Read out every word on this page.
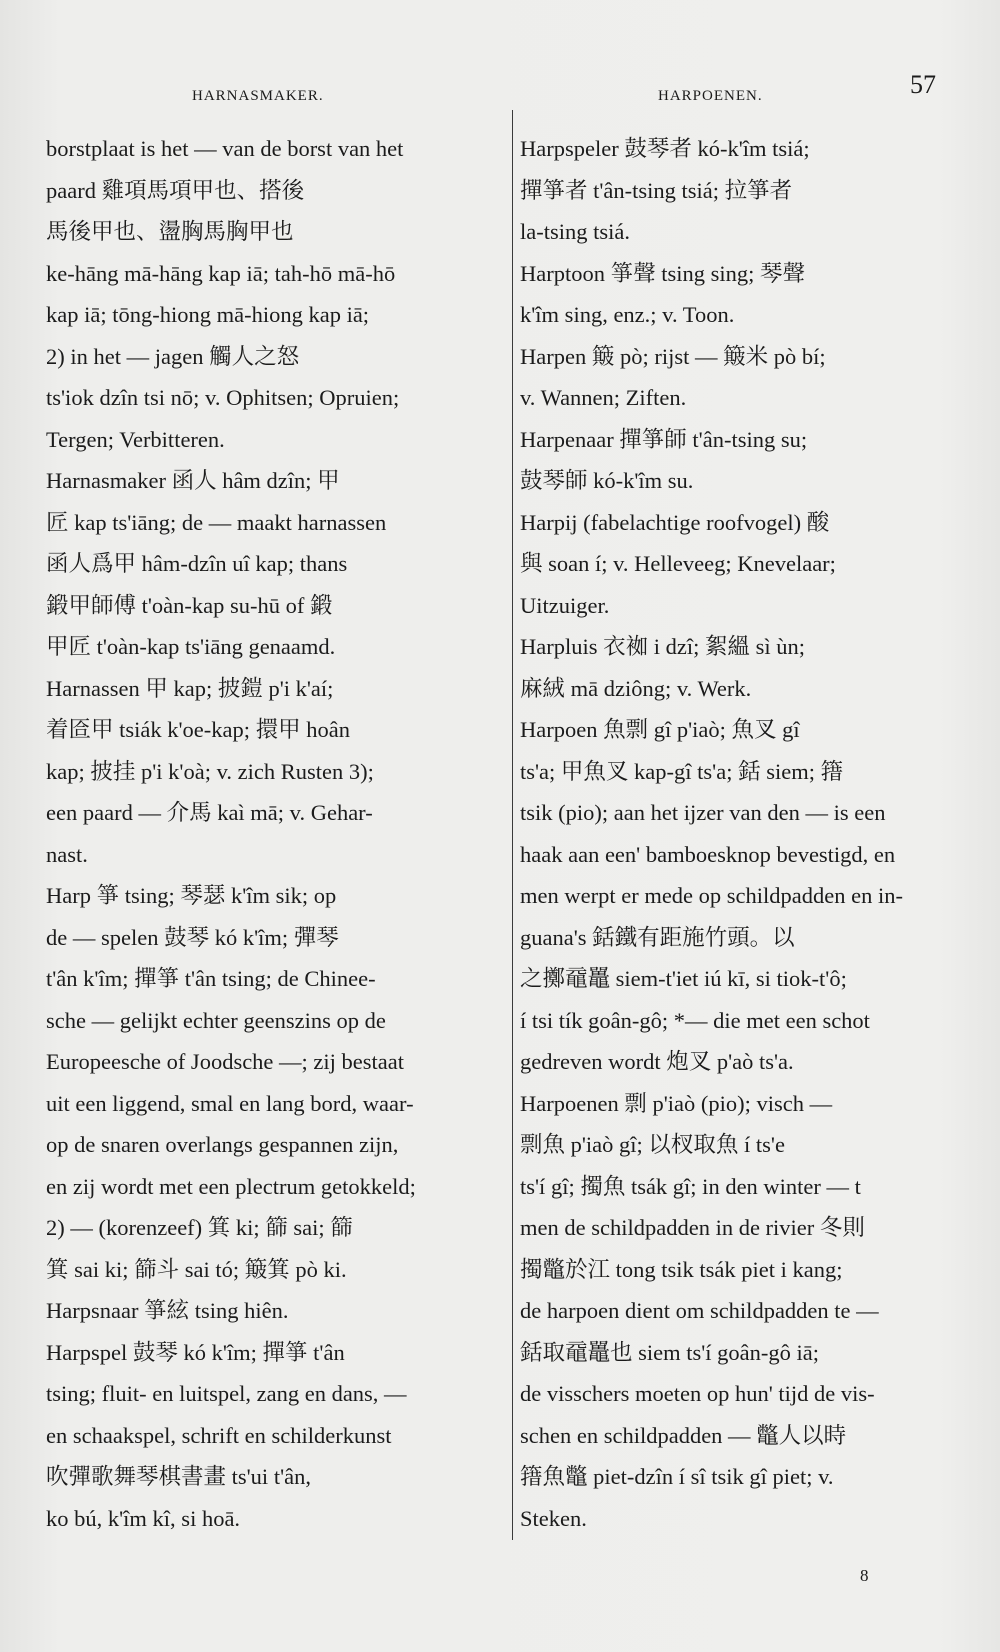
HARNASMAKER.	HARPOENEN.	57

borstplaat is het — van de borst van het

paard 雞項馬項甲也、搭後

馬後甲也、盪胸馬胸甲也

ke-hāng mā-hāng kap iā; tah-hō mā-hō

kap iā; tōng-hiong mā-hiong kap iā;

2) in het — jagen 觸人之怒

ts'iok dzîn tsi nō; v. Ophitsen; Opruien;

Tergen; Verbitteren.

Harnasmaker 函人 hâm dzîn; 甲

匠 kap ts'iāng; de — maakt harnassen

函人爲甲 hâm-dzîn uî kap; thans

鍛甲師傅 t'oàn-kap su-hū of 鍛

甲匠 t'oàn-kap ts'iāng genaamd.

Harnassen 甲 kap; 披鎧 p'i k'aí;

着匼甲 tsiák k'oe-kap; 擐甲 hoân

kap; 披挂 p'i k'oà; v. zich Rusten 3);

een paard — 介馬 kaì mā; v. Gehar-

nast.

Harp 箏 tsing; 琴瑟 k'îm sik; op

de — spelen 鼓琴 kó k'îm; 彈琴

t'ân k'îm; 撣箏 t'ân tsing; de Chinee-

sche — gelijkt echter geenszins op de

Europeesche of Joodsche —; zij bestaat

uit een liggend, smal en lang bord, waar-

op de snaren overlangs gespannen zijn,

en zij wordt met een plectrum getokkeld;

2) — (korenzeef) 箕 ki; 篩 sai; 篩

箕 sai ki; 篩斗 sai tó; 簸箕 pò ki.

Harpsnaar 箏絃 tsing hiên.

Harpspel 鼓琴 kó k'îm; 撣箏 t'ân

tsing; fluit- en luitspel, zang en dans, —

en schaakspel, schrift en schilderkunst

吹彈歌舞琴棋書畫 ts'ui t'ân,

ko bú, k'îm kî, si hoā.

Harpspeler 鼓琴者 kó-k'îm tsiá;

撣箏者 t'ân-tsing tsiá; 拉箏者

la-tsing tsiá.

Harptoon 箏聲 tsing sing; 琴聲

k'îm sing, enz.; v. Toon.

Harpen 簸 pò; rijst — 簸米 pò bí;

v. Wannen; Ziften.

Harpenaar 撣箏師 t'ân-tsing su;

鼓琴師 kó-k'îm su.

Harpij (fabelachtige roofvogel) 酸

與 soan í; v. Helleveeg; Knevelaar;

Uitzuiger.

Harpluis 衣袽 i dzî; 絮縕 sì ùn;

麻絨 mā dziông; v. Werk.

Harpoen 魚剽 gî p'iaò; 魚叉 gî

ts'a; 甲魚叉 kap-gî ts'a; 銛 siem; 簎

tsik (pio); aan het ijzer van den — is een

haak aan een' bamboesknop bevestigd, en

men werpt er mede op schildpadden en in-

guana's 銛鐵有距施竹頭。以

之擲黿鼉 siem-t'iet iú kī, si tiok-t'ô;

í tsi tík goân-gô; *— die met een schot

gedreven wordt 炮叉 p'aò ts'a.

Harpoenen 剽 p'iaò (pio); visch —

剽魚 p'iaò gî; 以杈取魚 í ts'e

ts'í gî; 擉魚 tsák gî; in den winter — t

men de schildpadden in de rivier 冬則

擉鼈於江 tong tsik tsák piet i kang;

de harpoen dient om schildpadden te —

銛取黿鼉也 siem ts'í goân-gô iā;

de visschers moeten op hun' tijd de vis-

schen en schildpadden — 鼈人以時

簎魚鼈 piet-dzîn í sî tsik gî piet; v.

Steken.

8
